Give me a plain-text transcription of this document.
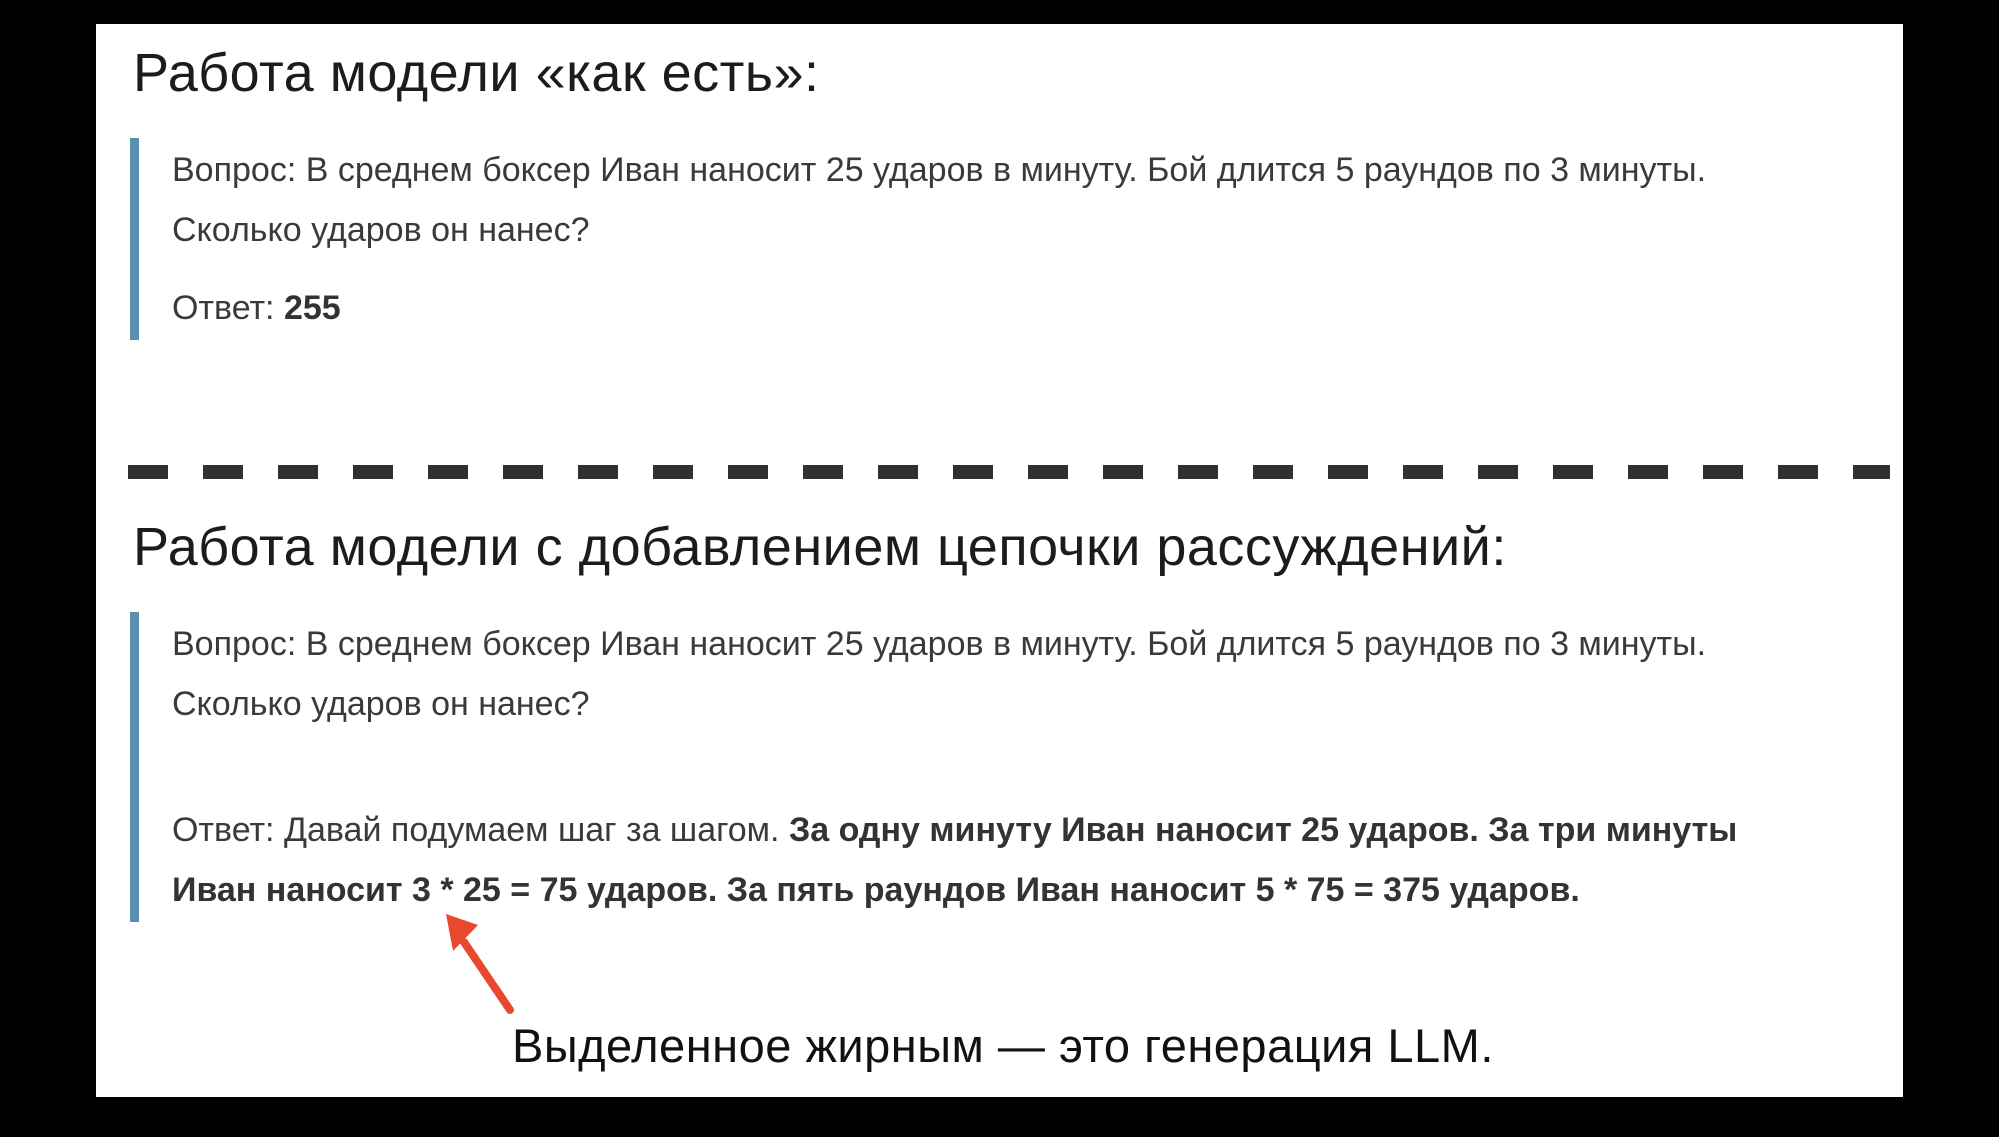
Работа модели «как есть»:

Вопрос: В среднем боксер Иван наносит 25 ударов в минуту. Бой длится 5 раундов по 3 минуты. Сколько ударов он нанес?

Ответ: 255

Работа модели с добавлением цепочки рассуждений:

Вопрос: В среднем боксер Иван наносит 25 ударов в минуту. Бой длится 5 раундов по 3 минуты. Сколько ударов он нанес?

Ответ: Давай подумаем шаг за шагом. За одну минуту Иван наносит 25 ударов. За три минуты Иван наносит 3 * 25 = 75 ударов. За пять раундов Иван наносит 5 * 75 = 375 ударов.

Выделенное жирным — это генерация LLM.
